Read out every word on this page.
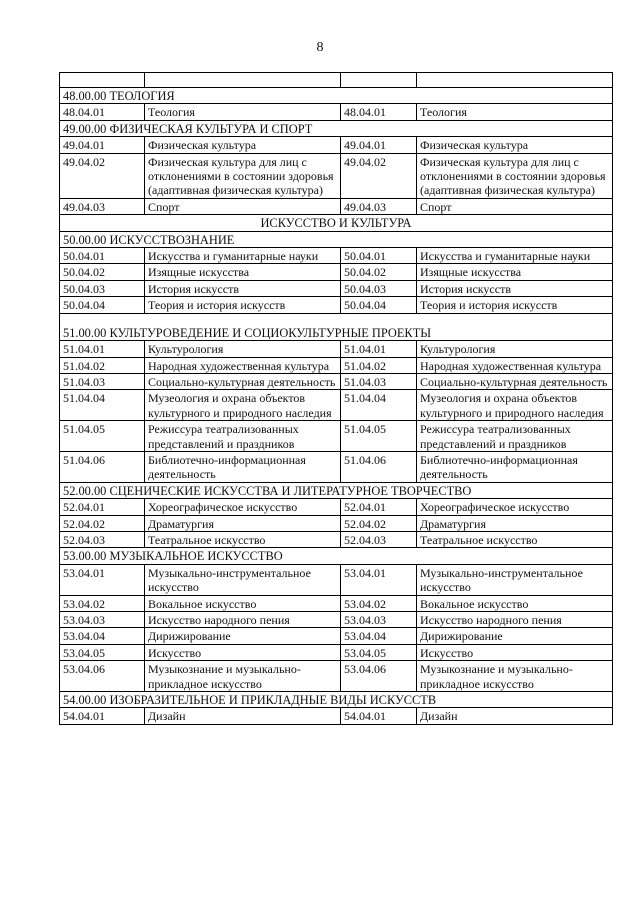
8

48.00.00 ТЕОЛОГИЯ			
48.04.01	Теология	48.04.01	Теология
49.00.00 ФИЗИЧЕСКАЯ КУЛЬТУРА И СПОРТ			
49.04.01	Физическая культура	49.04.01	Физическая культура
49.04.02	Физическая культура для лиц с отклонениями в состоянии здоровья (адаптивная физическая культура)	49.04.02	Физическая культура для лиц с отклонениями в состоянии здоровья (адаптивная физическая культура)
49.04.03	Спорт	49.04.03	Спорт
ИСКУССТВО И КУЛЬТУРА			
50.00.00 ИСКУССТВОЗНАНИЕ			
50.04.01	Искусства и гуманитарные науки	50.04.01	Искусства и гуманитарные науки
50.04.02	Изящные искусства	50.04.02	Изящные искусства
50.04.03	История искусств	50.04.03	История искусств
50.04.04	Теория и история искусств	50.04.04	Теория и история искусств
51.00.00 КУЛЬТУРОВЕДЕНИЕ И СОЦИОКУЛЬТУРНЫЕ ПРОЕКТЫ			
51.04.01	Культурология	51.04.01	Культурология
51.04.02	Народная художественная культура	51.04.02	Народная художественная культура
51.04.03	Социально-культурная деятельность	51.04.03	Социально-культурная деятельность
51.04.04	Музеология и охрана объектов культурного и природного наследия	51.04.04	Музеология и охрана объектов культурного и природного наследия
51.04.05	Режиссура театрализованных представлений и праздников	51.04.05	Режиссура театрализованных представлений и праздников
51.04.06	Библиотечно-информационная деятельность	51.04.06	Библиотечно-информационная деятельность
52.00.00 СЦЕНИЧЕСКИЕ ИСКУССТВА И ЛИТЕРАТУРНОЕ ТВОРЧЕСТВО			
52.04.01	Хореографическое искусство	52.04.01	Хореографическое искусство
52.04.02	Драматургия	52.04.02	Драматургия
52.04.03	Театральное искусство	52.04.03	Театральное искусство
53.00.00 МУЗЫКАЛЬНОЕ ИСКУССТВО			
53.04.01	Музыкально-инструментальное искусство	53.04.01	Музыкально-инструментальное искусство
53.04.02	Вокальное искусство	53.04.02	Вокальное искусство
53.04.03	Искусство народного пения	53.04.03	Искусство народного пения
53.04.04	Дирижирование	53.04.04	Дирижирование
53.04.05	Искусство	53.04.05	Искусство
53.04.06	Музыкознание и музыкально-прикладное искусство	53.04.06	Музыкознание и музыкально-прикладное искусство
54.00.00 ИЗОБРАЗИТЕЛЬНОЕ И ПРИКЛАДНЫЕ ВИДЫ ИСКУССТВ			
54.04.01	Дизайн	54.04.01	Дизайн
